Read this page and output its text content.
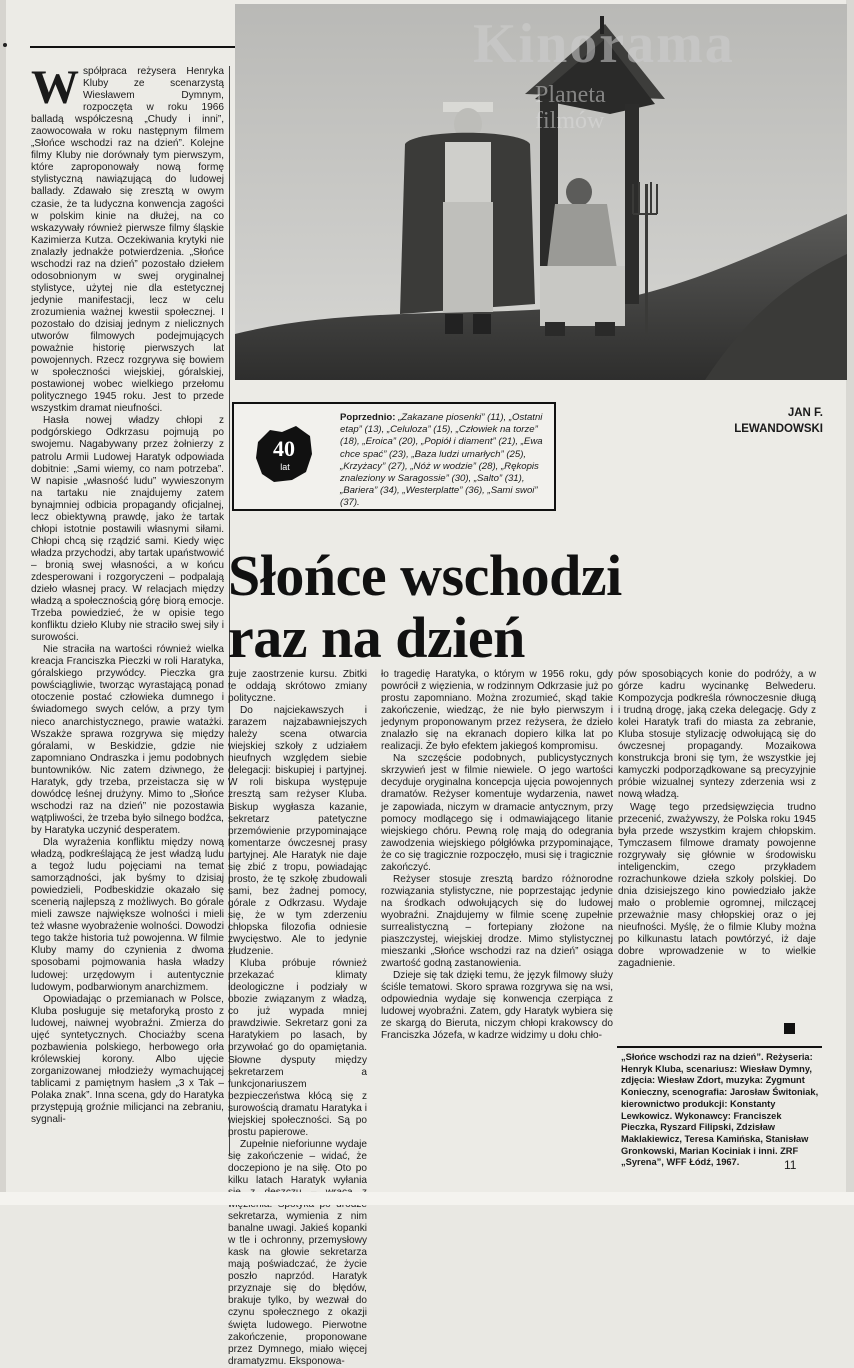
Kinorama
Planeta
filmów

Współpraca reżysera Henryka Kluby ze scenarzystą Wiesławem Dymnym, rozpoczęta w roku 1966 balladą współczesną „Chudy i inni”, zaowocowała w roku następnym filmem „Słońce wschodzi raz na dzień”. Kolejne filmy Kluby nie dorównały tym pierwszym, które zaproponowały nową formę stylistyczną nawiązującą do ludowej ballady. Zdawało się zresztą w owym czasie, że ta ludyczna konwencja zagości w polskim kinie na dłużej, na co wskazywały również pierwsze filmy śląskie Kazimierza Kutza. Oczekiwania krytyki nie znalazły jednakże potwierdzenia. „Słońce wschodzi raz na dzień” pozostało dziełem odosobnionym w swej oryginalnej stylistyce, użytej nie dla estetycznej jedynie manifestacji, lecz w celu zrozumienia ważnej kwestii społecznej. I pozostało do dzisiaj jednym z nielicznych utworów filmowych podejmujących poważnie historię pierwszych lat powojennych. Rzecz rozgrywa się bowiem w społeczności wiejskiej, góralskiej, postawionej wobec wielkiego przełomu politycznego 1945 roku. Jest to przede wszystkim dramat nieufności.

Hasła nowej władzy chłopi z podgórskiego Odkrzasu pojmują po swojemu. Nagabywany przez żołnierzy z patrolu Armii Ludowej Haratyk odpowiada dobitnie: „Sami wiemy, co nam potrzeba”. W napisie „własność ludu” wywieszonym na tartaku nie znajdujemy zatem bynajmniej odbicia propagandy oficjalnej, lecz obiektywną prawdę, jako że tartak chłopi istotnie postawili własnymi siłami. Chłopi chcą się rządzić sami. Kiedy więc władza przychodzi, aby tartak upaństwowić – bronią swej własności, a w końcu zdesperowani i rozgoryczeni – podpalają dzieło własnej pracy. W relacjach między władzą a społecznością górę biorą emocje. Trzeba powiedzieć, że w opisie tego konfliktu dzieło Kluby nie straciło swej siły i surowości.

Nie straciła na wartości również wielka kreacja Franciszka Pieczki w roli Haratyka, góralskiego przywódcy. Pieczka gra powściągliwie, tworząc wyrastającą ponad otoczenie postać człowieka dumnego i świadomego swych celów, a przy tym nieco anarchistycznego, prawie watażki. Wszakże sprawa rozgrywa się między góralami, w Beskidzie, gdzie nie zapomniano Ondraszka i jemu podobnych buntowników. Nic zatem dziwnego, że Haratyk, gdy trzeba, przeistacza się w dowódcę leśnej drużyny. Mimo to „Słońce wschodzi raz na dzień” nie pozostawia wątpliwości, że trzeba było silnego bodźca, by Haratyka uczynić desperatem.

Dla wyrażenia konfliktu między nową władzą, podkreślającą że jest władzą ludu a tegoż ludu pojęciami na temat samorządności, jak byśmy to dzisiaj powiedzieli, Podbeskidzie okazało się scenerią najlepszą z możliwych. Bo górale mieli zawsze największe wolności i mieli też własne wyobrażenie wolności. Dowodzi tego także historia tuż powojenna. W filmie Kluby mamy do czynienia z dwoma sposobami pojmowania hasła władzy ludowej: urzędowym i autentycznie ludowym, podbarwionym anarchizmem.

Opowiadając o przemianach w Polsce, Kluba posługuje się metaforyką prosto z ludowej, naiwnej wyobraźni. Zmierza do ujęć syntetycznych. Chociażby scena pozbawienia polskiego, herbowego orła królewskiej korony. Albo ujęcie zorganizowanej młodzieży wymachującej tablicami z pamiętnym hasłem „3 x Tak – Polaka znak”. Inna scena, gdy do Haratyka przystępują groźnie milicjanci na zebraniu, sygnali-

40
lat
Poprzednio: „Zakazane piosenki” (11), „Ostatni etap” (13), „Celuloza” (15), „Człowiek na torze” (18), „Eroica” (20), „Popiół i diament” (21), „Ewa chce spać” (23), „Baza ludzi umarłych” (25), „Krzyżacy” (27), „Nóż w wodzie” (28), „Rękopis znaleziony w Saragossie” (30), „Salto” (31), „Bariera” (34), „Westerplatte” (36), „Sami swoi” (37).
JAN F.
LEWANDOWSKI
Słońce wschodzi
raz na dzień

zuje zaostrzenie kursu. Zbitki te oddają skrótowo zmiany polityczne.

Do najciekawszych i zarazem najzabawniejszych należy scena otwarcia wiejskiej szkoły z udziałem nieufnych względem siebie delegacji: biskupiej i partyjnej. W roli biskupa występuje zresztą sam reżyser Kluba. Biskup wygłasza kazanie, sekretarz patetyczne przemówienie przypominające komentarze ówczesnej prasy partyjnej. Ale Haratyk nie daje się zbić z tropu, powiadając prosto, że tę szkołę zbudowali sami, bez żadnej pomocy, górale z Odkrzasu. Wydaje się, że w tym zderzeniu chłopska filozofia odniesie zwycięstwo. Ale to jedynie złudzenie.

Kluba próbuje również przekazać klimaty ideologiczne i podziały w obozie związanym z władzą, co już wypada mniej prawdziwie. Sekretarz goni za Haratykiem po lasach, by przywołać go do opamiętania. Słowne dysputy między sekretarzem a funkcjonariuszem bezpieczeństwa kłócą się z surowością dramatu Haratyka i wiejskiej społeczności. Są po prostu papierowe.

Zupełnie nieforiunne wydaje się zakończenie – widać, że doczepiono je na siłę. Oto po kilku latach Haratyk wyłania sekretarza, wymienia z nim banalne uwagi. Jakieś kopanki w tle i ochronny, przemysłowy kask na głowie sekretarza mają poświadczać, że życie poszło naprzód. Haratyk przyznaje się do błędów, brakuje tylko, by wezwał do czynu społecznego z okazji święta ludowego. Pierwotne zakończenie, proponowane przez Dymnego, miało więcej dramatyzmu. Eksponowa-

ło tragedię Haratyka, o którym w 1956 roku, gdy powrócił z więzienia, w rodzinnym Odkrzasie już po prostu zapomniano. Można zrozumieć, skąd takie zakończenie, wiedząc, że nie było pierwszym i jedynym proponowanym przez reżysera, że dzieło znalazło się na ekranach dopiero kilka lat po realizacji. Że było efektem jakiegoś kompromisu.

Na szczęście podobnych, publicystycznych skrzywień jest w filmie niewiele. O jego wartości decyduje oryginalna koncepcja ujęcia powojennych dramatów. Reżyser komentuje wydarzenia, nawet je zapowiada, niczym w dramacie antycznym, przy pomocy modlącego się i odmawiającego litanie wiejskiego chóru. Pewną rolę mają do odegrania zawodzenia wiejskiego półgłówka przypominające, że co się tragicznie rozpoczęło, musi się i tragicznie zakończyć.

Reżyser stosuje zresztą bardzo różnorodne rozwiązania stylistyczne, nie poprzestając jedynie na środkach odwołujących się do ludowej wyobraźni. Znajdujemy w filmie scenę zupełnie surrealistyczną – fortepiany złożone na piaszczystej, wiejskiej drodze. Mimo stylistycznej mieszanki „Słońce wschodzi raz na dzień” osiąga zwartość godną zastanowienia.

Dzieje się tak dzięki temu, że język filmowy służy ściśle tematowi. Skoro sprawa rozgrywa się na wsi, odpowiednia wydaje się konwencja czerpiąca z ludowej wyobraźni. Zatem, gdy Haratyk wybiera się ze skargą do Bieruta, niczym chłopi krakowscy do Franciszka Józefa, w kadrze widzimy u dołu chło-

pów sposobiących konie do podróży, a w górze kadru wycinankę Belwederu. Kompozycja podkreśla równoczesnie długą i trudną drogę, jaką czeka delegację. Gdy z kolei Haratyk trafi do miasta za zebranie, Kluba stosuje stylizację odwołującą się do ówczesnej propagandy. Mozaikowa konstrukcja broni się tym, że wszystkie jej kamyczki podporządkowane są precyzyjnie próbie wizualnej syntezy zderzenia wsi z nową władzą.

Wagę tego przedsięwzięcia trudno przecenić, zważywszy, że Polska roku 1945 była przede wszystkim krajem chłopskim. Tymczasem filmowe dramaty powojenne rozgrywały się głównie w środowisku inteligenckim, czego przykładem rozrachunkowe dzieła szkoły polskiej. Do dnia dzisiejszego kino powiedziało jakże mało o problemie ogromnej, milczącej przeważnie masy chłopskiej oraz o jej nieufności. Myślę, że o filmie Kluby można po kilkunastu latach powtórzyć, iż daje dobre wprowadzenie w to wielkie zagadnienie.

„Słońce wschodzi raz na dzień”. Reżyseria: Henryk Kluba, scenariusz: Wiesław Dymny, zdjęcia: Wiesław Zdort, muzyka: Zygmunt Konieczny, scenografia: Jarosław Świtoniak, kierownictwo produkcji: Konstanty Lewkowicz. Wykonawcy: Franciszek Pieczka, Ryszard Filipski, Zdzisław Maklakiewicz, Teresa Kamińska, Stanisław Gronkowski, Marian Kociniak i inni. ZRF „Syrena”, WFF Łódź, 1967.	11
